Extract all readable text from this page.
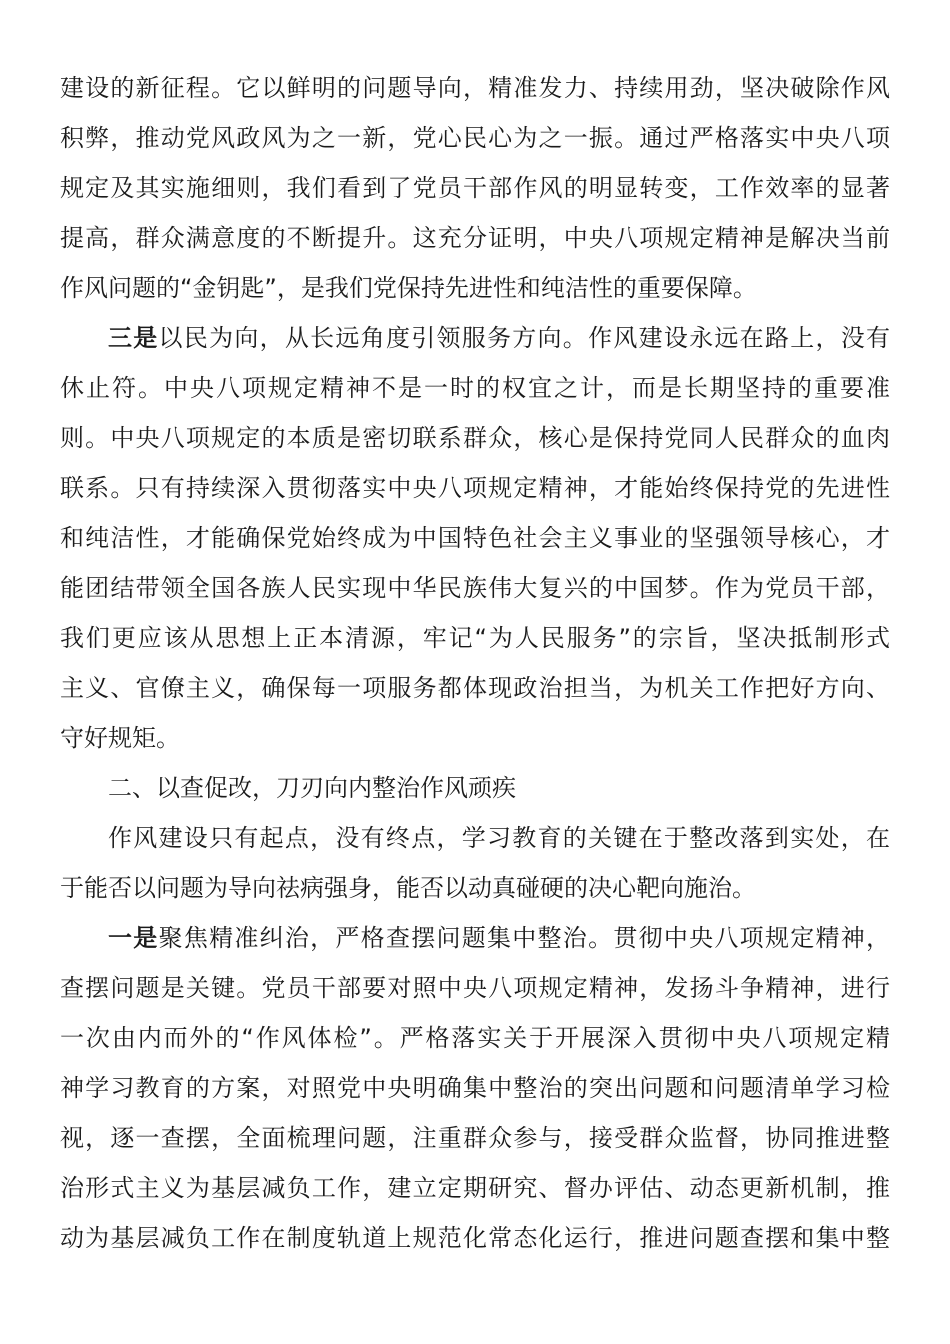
建设的新征程。它以鲜明的问题导向，精准发力、持续用劲，坚决破除作风
积弊，推动党风政风为之一新，党心民心为之一振。通过严格落实中央八项
规定及其实施细则，我们看到了党员干部作风的明显转变，工作效率的显著
提高，群众满意度的不断提升。这充分证明，中央八项规定精神是解决当前
作风问题的“金钥匙”，是我们党保持先进性和纯洁性的重要保障。
三是以民为向，从长远角度引领服务方向。作风建设永远在路上，没有
休止符。中央八项规定精神不是一时的权宜之计，而是长期坚持的重要准
则。中央八项规定的本质是密切联系群众，核心是保持党同人民群众的血肉
联系。只有持续深入贯彻落实中央八项规定精神，才能始终保持党的先进性
和纯洁性，才能确保党始终成为中国特色社会主义事业的坚强领导核心，才
能团结带领全国各族人民实现中华民族伟大复兴的中国梦。作为党员干部，
我们更应该从思想上正本清源，牢记“为人民服务”的宗旨，坚决抵制形式
主义、官僚主义，确保每一项服务都体现政治担当，为机关工作把好方向、
守好规矩。
二、以查促改，刀刃向内整治作风顽疾
作风建设只有起点，没有终点，学习教育的关键在于整改落到实处，在
于能否以问题为导向祛病强身，能否以动真碰硬的决心靶向施治。
一是聚焦精准纠治，严格查摆问题集中整治。贯彻中央八项规定精神，
查摆问题是关键。党员干部要对照中央八项规定精神，发扬斗争精神，进行
一次由内而外的“作风体检”。严格落实关于开展深入贯彻中央八项规定精
神学习教育的方案，对照党中央明确集中整治的突出问题和问题清单学习检
视，逐一查摆，全面梳理问题，注重群众参与，接受群众监督，协同推进整
治形式主义为基层减负工作，建立定期研究、督办评估、动态更新机制，推
动为基层减负工作在制度轨道上规范化常态化运行，推进问题查摆和集中整
